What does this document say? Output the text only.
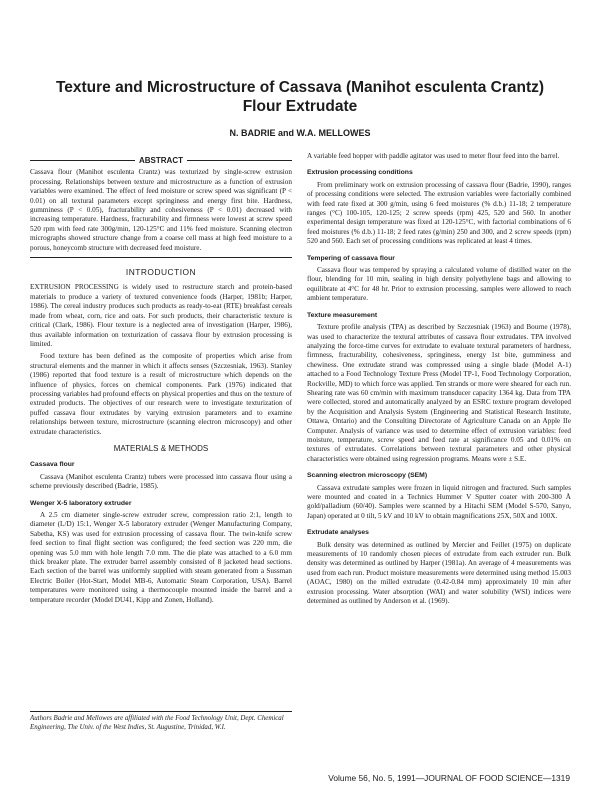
Texture and Microstructure of Cassava (Manihot esculenta Crantz) Flour Extrudate
N. BADRIE and W.A. MELLOWES
ABSTRACT

Cassava flour (Manihot esculenta Crantz) was texturized by single-screw extrusion processing. Relationships between texture and microstructure as a function of extrusion variables were examined. The effect of feed moisture or screw speed was significant (P < 0.01) on all textural parameters except springiness and energy first bite. Hardness, gumminess (P < 0.05), fracturability and cohesiveness (P < 0.01) decreased with increasing temperature. Hardness, fracturability and firmness were lowest at screw speed 520 rpm with feed rate 300g/min, 120-125°C and 11% feed moisture. Scanning electron micrographs showed structure change from a coarse cell mass at high feed moisture to a porous, honeycomb structure with decreased feed moisture.

INTRODUCTION

EXTRUSION PROCESSING is widely used to restructure starch and protein-based materials to produce a variety of textured convenience foods (Harper, 1981b; Harper, 1986). The cereal industry produces such products as ready-to-eat (RTE) breakfast cereals made from wheat, corn, rice and oats. For such products, their characteristic texture is critical (Clark, 1986). Flour texture is a neglected area of investigation (Harper, 1986), thus available information on texturization of cassava flour by extrusion processing is limited.

Food texture has been defined as the composite of properties which arise from structural elements and the manner in which it affects senses (Szczesniak, 1963). Stanley (1986) reported that food texture is a result of microstructure which depends on the influence of physics, forces on chemical components. Park (1976) indicated that processing variables had profound effects on physical properties and thus on the texture of extruded products. The objectives of our research were to investigate texturization of puffed cassava flour extrudates by varying extrusion parameters and to examine relationships between texture, microstructure (scanning electron microscopy) and other extrudate characteristics.

MATERIALS & METHODS
Cassava flour

Cassava (Manihot esculenta Crantz) tubers were processed into cassava flour using a scheme previously described (Badrie, 1985).

Wenger X-5 laboratory extruder

A 2.5 cm diameter single-screw extruder screw, compression ratio 2:1, length to diameter (L/D) 15:1, Wenger X-5 laboratory extruder (Wenger Manufacturing Company, Sabetha, KS) was used for extrusion processing of cassava flour. The twin-knife screw feed section to final flight section was configured; the feed section was 220 mm, die opening was 5.0 mm with hole length 7.0 mm. The die plate was attached to a 6.0 mm thick breaker plate. The extruder barrel assembly consisted of 8 jacketed head sections. Each section of the barrel was uniformly supplied with steam generated from a Sussman Electric Boiler (Hot-Start, Model MB-6, Automatic Steam Corporation, USA). Barrel temperatures were monitored using a thermocouple mounted inside the barrel and a temperature recorder (Model DU41, Kipp and Zonen, Holland).

Authors Badrie and Mellowes are affiliated with the Food Technology Unit, Dept. Chemical Engineering, The Univ. of the West Indies, St. Augustine, Trinidad, W.I.

A variable feed hopper with paddle agitator was used to meter flour feed into the barrel.

Extrusion processing conditions

From preliminary work on extrusion processing of cassava flour (Badrie, 1990), ranges of processing conditions were selected. The extrusion variables were factorially combined with feed rate fixed at 300 g/min, using 6 feed moistures (% d.b.) 11-18; 2 temperature ranges (°C) 100-105, 120-125; 2 screw speeds (rpm) 425, 520 and 560. In another experimental design temperature was fixed at 120-125°C, with factorial combinations of 6 feed moistures (% d.b.) 11-18; 2 feed rates (g/min) 250 and 300, and 2 screw speeds (rpm) 520 and 560. Each set of processing conditions was replicated at least 4 times.

Tempering of cassava flour

Cassava flour was tempered by spraying a calculated volume of distilled water on the flour, blending for 10 min, sealing in high density polyethylene bags and allowing to equilibrate at 4°C for 48 hr. Prior to extrusion processing, samples were allowed to reach ambient temperature.

Texture measurement

Texture profile analysis (TPA) as described by Szczesniak (1963) and Bourne (1978), was used to characterize the textural attributes of cassava flour extrudates. TPA involved analyzing the force-time curves for extrudate to evaluate textural parameters of hardness, firmness, fracturability, cohesiveness, springiness, energy 1st bite, gumminess and chewiness. One extrudate strand was compressed using a single blade (Model A-1) attached to a Food Technology Texture Press (Model TP-1, Food Technology Corporation, Rockville, MD) to which force was applied. Ten strands or more were sheared for each run. Shearing rate was 60 cm/min with maximum transducer capacity 1364 kg. Data from TPA were collected, stored and automatically analyzed by an ESRC texture program developed by the Acquisition and Analysis System (Engineering and Statistical Research Institute, Ottawa, Ontario) and the Consulting Directorate of Agriculture Canada on an Apple IIe Computer. Analysis of variance was used to determine effect of extrusion variables: feed moisture, temperature, screw speed and feed rate at significance 0.05 and 0.01% on textures of extrudates. Correlations between textural parameters and other physical characteristics were obtained using regression programs. Means were ± S.E.

Scanning electron microscopy (SEM)

Cassava extrudate samples were frozen in liquid nitrogen and fractured. Such samples were mounted and coated in a Technics Hummer V Sputter coater with 200-300 Å gold/palladium (60/40). Samples were scanned by a Hitachi SEM (Model S-570, Sanyo, Japan) operated at 0 tilt, 5 kV and 10 kV to obtain magnifications 25X, 50X and 100X.

Extrudate analyses

Bulk density was determined as outlined by Mercier and Feillet (1975) on duplicate measurements of 10 randomly chosen pieces of extrudate from each extruder run. Bulk density was determined as outlined by Harper (1981a). An average of 4 measurements was used from each run. Product moisture measurements were determined using method 15.003 (AOAC, 1980) on the milled extrudate (0.42-0.84 mm) approximately 10 min after extrusion processing. Water absorption (WAI) and water solubility (WSI) indices were determined as outlined by Anderson et al. (1969).

Volume 56, No. 5, 1991—JOURNAL OF FOOD SCIENCE—1319
